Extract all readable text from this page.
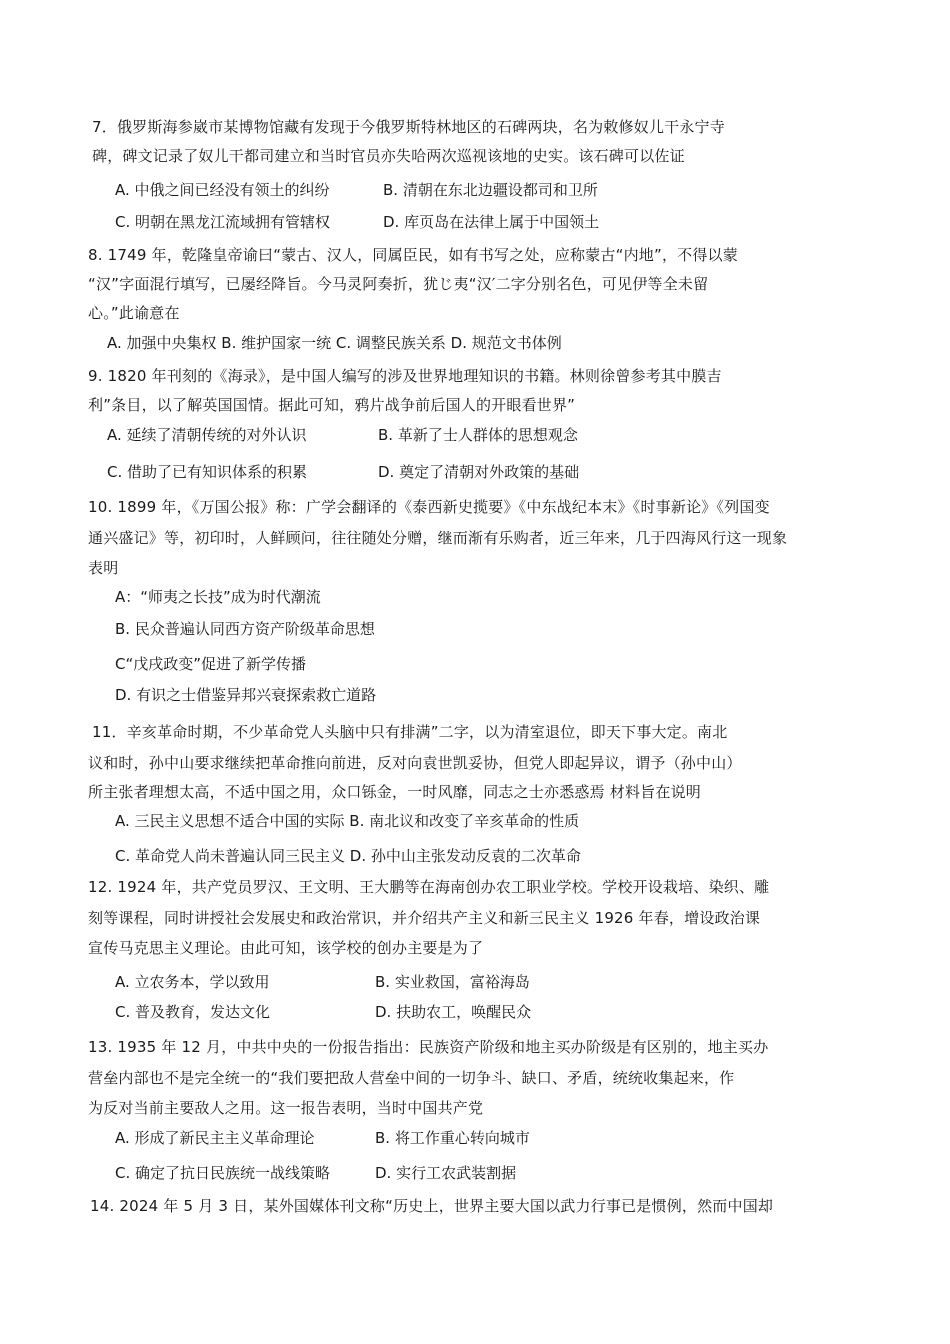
7．俄罗斯海参崴市某博物馆藏有发现于今俄罗斯特林地区的石碑两块，名为敕修奴儿干永宁寺
碑，碑文记录了奴儿干都司建立和当时官员亦失哈两次巡视该地的史实。该石碑可以佐证
A. 中俄之间已经没有领土的纠纷	B. 清朝在东北边疆设都司和卫所
C. 明朝在黑龙江流域拥有管辖权	D. 库页岛在法律上属于中国领土
8. 1749 年，乾隆皇帝谕曰“蒙古、汉人，同属臣民，如有书写之处，应称蒙古“内地”，不得以蒙
“汉”字面混行填写，已屡经降旨。今马灵阿奏折，犹じ夷“汉′二字分别名色，可见伊等全未留
心。”此谕意在
A. 加强中央集权 B. 维护国家一统 C. 调整民族关系 D. 规范文书体例
9. 1820 年刊刻的《海录》，是中国人编写的涉及世界地理知识的书籍。林则徐曾参考其中膜吉
利”条目，以了解英国国情。据此可知，鸦片战争前后国人的开眼看世界”
A. 延续了清朝传统的对外认识	B. 革新了士人群体的思想观念
C. 借助了已有知识体系的积累	D. 奠定了清朝对外政策的基础
10. 1899 年，《万国公报》称：广学会翻译的《泰西新史揽要》《中东战纪本末》《时事新论》《列国变
通兴盛记》等，初印时，人鲜顾问，往往随处分赠，继而渐有乐购者，近三年来，几于四海风行这一现象
表明
A：“师夷之长技”成为时代潮流
B. 民众普遍认同西方资产阶级革命思想
C“戊戌政变”促进了新学传播
D. 有识之士借鉴异邦兴衰探索救亡道路
11．辛亥革命时期，不少革命党人头脑中只有排满”二字，以为清室退位，即天下事大定。南北
议和时，孙中山要求继续把革命推向前进，反对向袁世凯妥协，但党人即起异议，谓予（孙中山）
所主张者理想太高，不适中国之用，众口铄金，一时风靡，同志之士亦悉惑焉 材料旨在说明
A. 三民主义思想不适合中国的实际 B. 南北议和改变了辛亥革命的性质
C. 革命党人尚未普遍认同三民主义 D. 孙中山主张发动反袁的二次革命
12. 1924 年，共产党员罗汉、王文明、王大鹏等在海南创办农工职业学校。学校开设栽培、染织、雕
刻等课程，同时讲授社会发展史和政治常识，并介绍共产主义和新三民主义 1926 年春，增设政治课
宣传马克思主义理论。由此可知，该学校的创办主要是为了
A. 立农务本，学以致用	B. 实业救国，富裕海岛
C. 普及教育，发达文化	D. 扶助农工，唤醒民众
13. 1935 年 12 月，中共中央的一份报告指出：民族资产阶级和地主买办阶级是有区别的，地主买办
营垒内部也不是完全统一的“我们要把敌人营垒中间的一切争斗、缺口、矛盾，统统收集起来，作
为反对当前主要敌人之用。这一报告表明，当时中国共产党
A. 形成了新民主主义革命理论	B. 将工作重心转向城市
C. 确定了抗日民族统一战线策略	D. 实行工农武装割据
14. 2024 年 5 月 3 日，某外国媒体刊文称“历史上，世界主要大国以武力行事已是惯例，然而中国却
